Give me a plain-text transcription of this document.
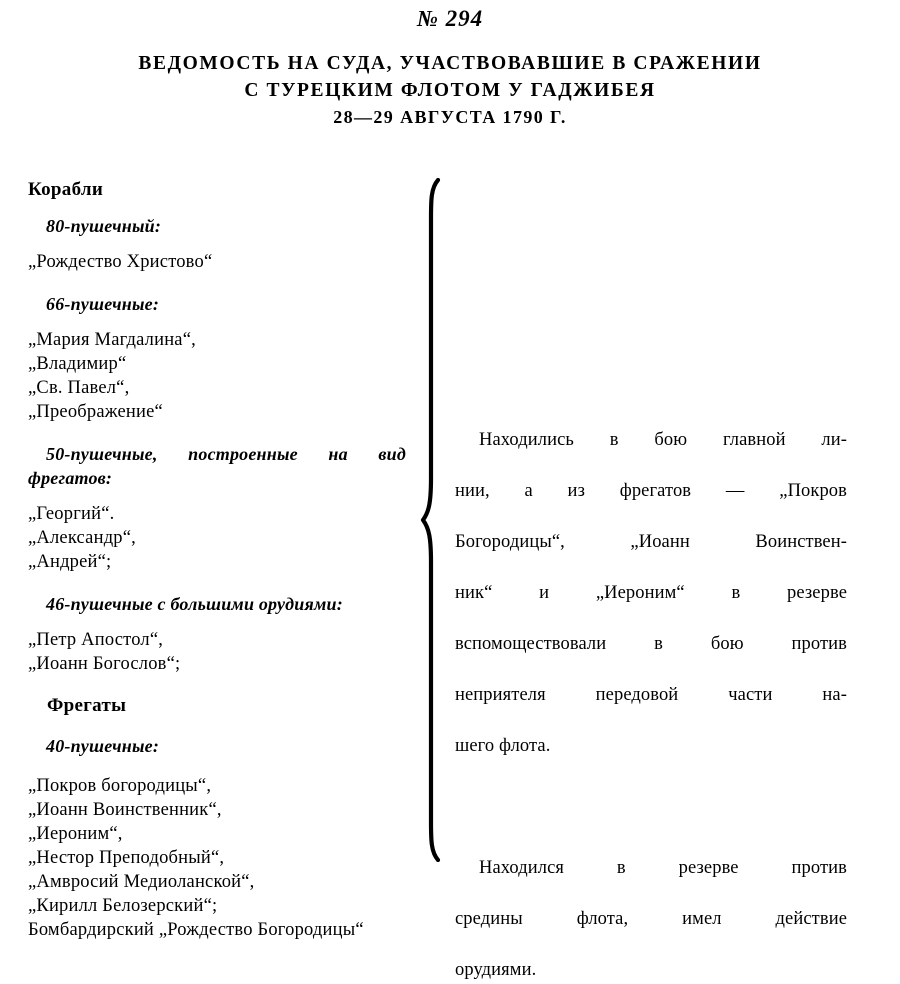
№ 294
ВЕДОМОСТЬ НА СУДА, УЧАСТВОВАВШИЕ В СРАЖЕНИИ
С ТУРЕЦКИМ ФЛОТОМ У ГАДЖИБЕЯ
28—29 АВГУСТА 1790 Г.
Корабли
80-пушечный:
„Рождество Христово“
66-пушечные:
„Мария Магдалина“,
„Владимир“
„Св. Павел“,
„Преображение“
50-пушечные, построенные на вид фрегатов:
„Георгий“.
„Александр“,
„Андрей“;
46-пушечные с большими орудиями:
„Петр Апостол“,
„Иоанн Богослов“;
Фрегаты
40-пушечные:
„Покров богородицы“,
„Иоанн Воинственник“,
„Иероним“,
„Нестор Преподобный“,
„Амвросий Медиоланской“,
„Кирилл Белозерский“;
Бомбардирский „Рождество Богородицы“
Находились в бою главной ли-
нии, а из фрегатов — „Покров
Богородицы“, „Иоанн Воинствен-
ник“ и „Иероним“ в резерве
вспомоществовали в бою против
неприятеля передовой части на-
шего флота.
Находился в резерве против
средины флота, имел действие
орудиями.
